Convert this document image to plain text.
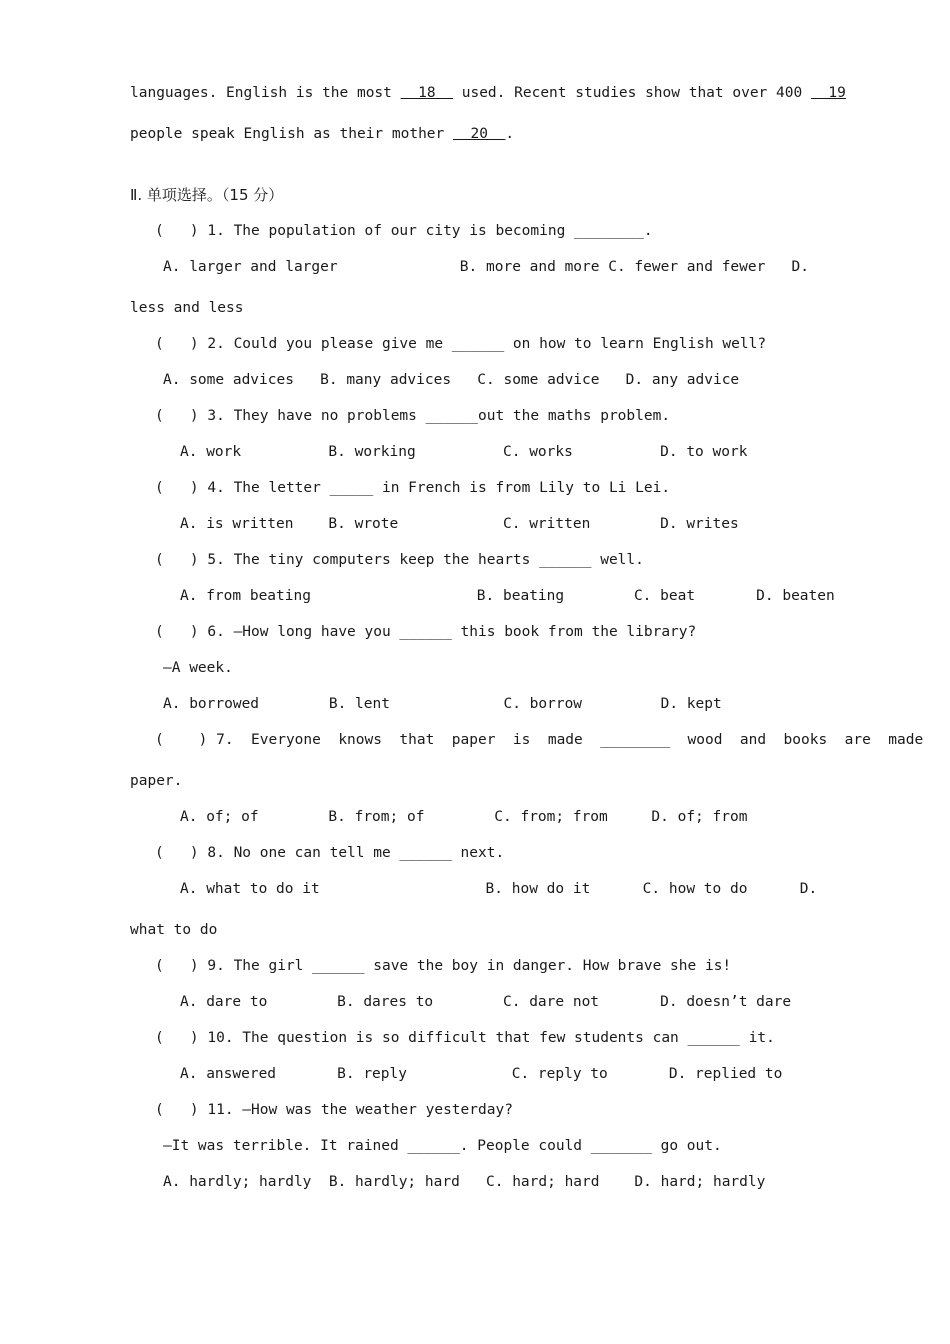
languages. English is the most   18   used. Recent studies show that over 400   19
people speak English as their mother   20  .
Ⅱ. 单项选择。（15 分）
(   ) 1. The population of our city is becoming ________.
A. larger and larger              B. more and more C. fewer and fewer   D.
less and less
(   ) 2. Could you please give me ______ on how to learn English well?
A. some advices   B. many advices   C. some advice   D. any advice
(   ) 3. They have no problems ______out the maths problem.
A. work          B. working          C. works          D. to work
(   ) 4. The letter _____ in French is from Lily to Li Lei.
A. is written    B. wrote            C. written        D. writes
(   ) 5. The tiny computers keep the hearts ______ well.
A. from beating                   B. beating        C. beat       D. beaten
(   ) 6. —How long have you ______ this book from the library?
—A week.
A. borrowed        B. lent             C. borrow         D. kept
(    ) 7.  Everyone  knows  that  paper  is  made  ________  wood  and  books  are  made
paper.
A. of; of        B. from; of        C. from; from     D. of; from
(   ) 8. No one can tell me ______ next.
A. what to do it                   B. how do it      C. how to do      D.
what to do
(   ) 9. The girl ______ save the boy in danger. How brave she is!
A. dare to        B. dares to        C. dare not       D. doesn’t dare
(   ) 10. The question is so difficult that few students can ______ it.
A. answered       B. reply            C. reply to       D. replied to
(   ) 11. —How was the weather yesterday?
—It was terrible. It rained ______. People could _______ go out.
A. hardly; hardly  B. hardly; hard   C. hard; hard    D. hard; hardly
